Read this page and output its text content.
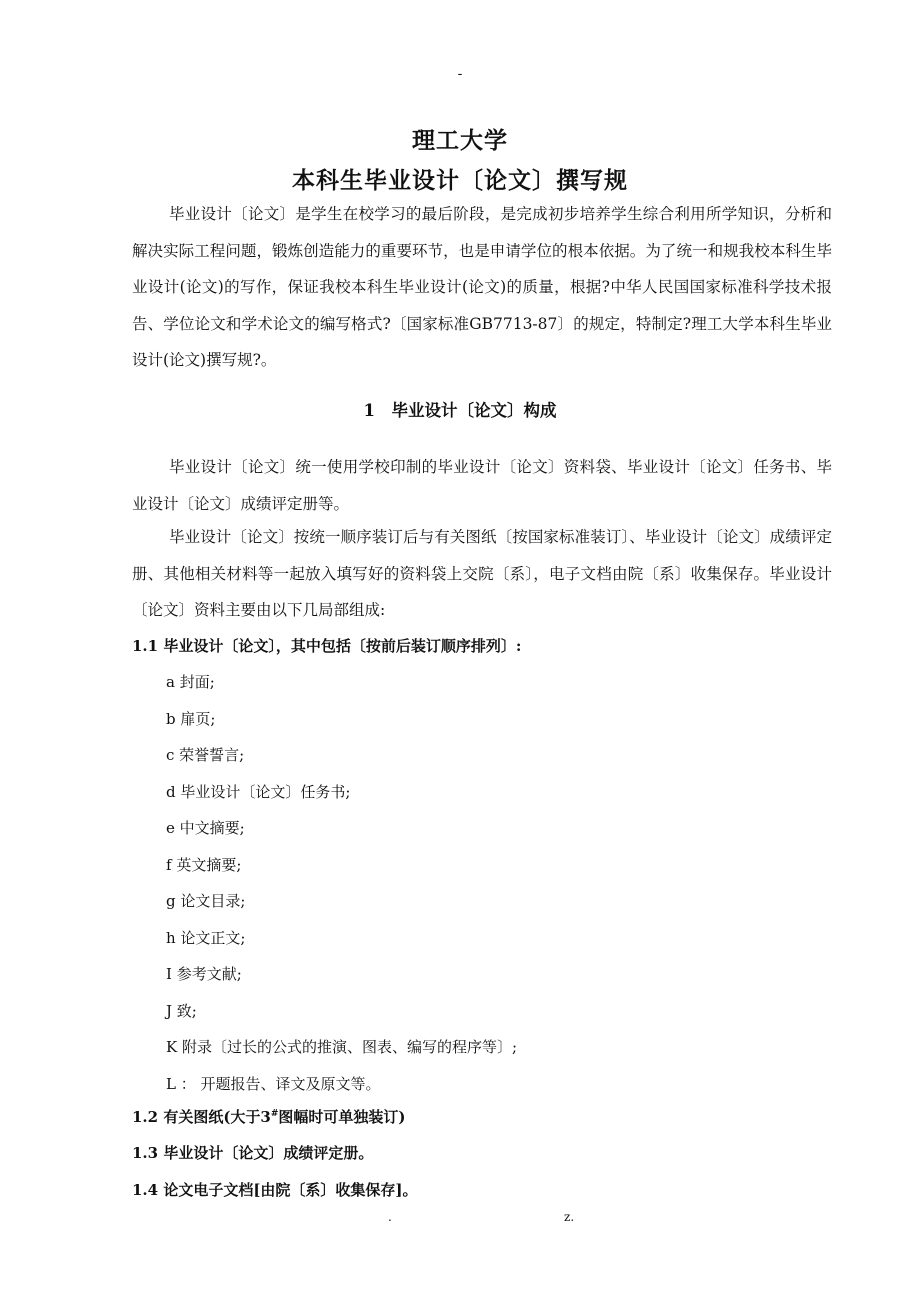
-
理工大学
本科生毕业设计〔论文〕撰写规

毕业设计〔论文〕是学生在校学习的最后阶段，是完成初步培养学生综合利用所学知识，分析和解决实际工程问题，锻炼创造能力的重要环节，也是申请学位的根本依据。为了统一和规我校本科生毕业设计(论文)的写作，保证我校本科生毕业设计(论文)的质量，根据?中华人民国国家标准科学技术报告、学位论文和学术论文的编写格式?〔国家标准GB7713-87〕的规定，特制定?理工大学本科生毕业设计(论文)撰写规?。

1　毕业设计〔论文〕构成

毕业设计〔论文〕统一使用学校印制的毕业设计〔论文〕资料袋、毕业设计〔论文〕任务书、毕业设计〔论文〕成绩评定册等。

毕业设计〔论文〕按统一顺序装订后与有关图纸〔按国家标准装订〕、毕业设计〔论文〕成绩评定册、其他相关材料等一起放入填写好的资料袋上交院〔系〕，电子文档由院〔系〕收集保存。毕业设计〔论文〕资料主要由以下几局部组成:

1.1 毕业设计〔论文〕，其中包括〔按前后装订顺序排列〕:
a 封面;
b 扉页;
c 荣誉誓言;
d 毕业设计〔论文〕任务书;
e 中文摘要;
f 英文摘要;
g 论文目录;
h 论文正文;
I 参考文献;
J 致;
K 附录〔过长的公式的推演、图表、编写的程序等〕;
L ： 开题报告、译文及原文等。
1.2 有关图纸(大于3#图幅时可单独装订)
1.3 毕业设计〔论文〕成绩评定册。
1.4 论文电子文档[由院〔系〕收集保存]。
.	z.
